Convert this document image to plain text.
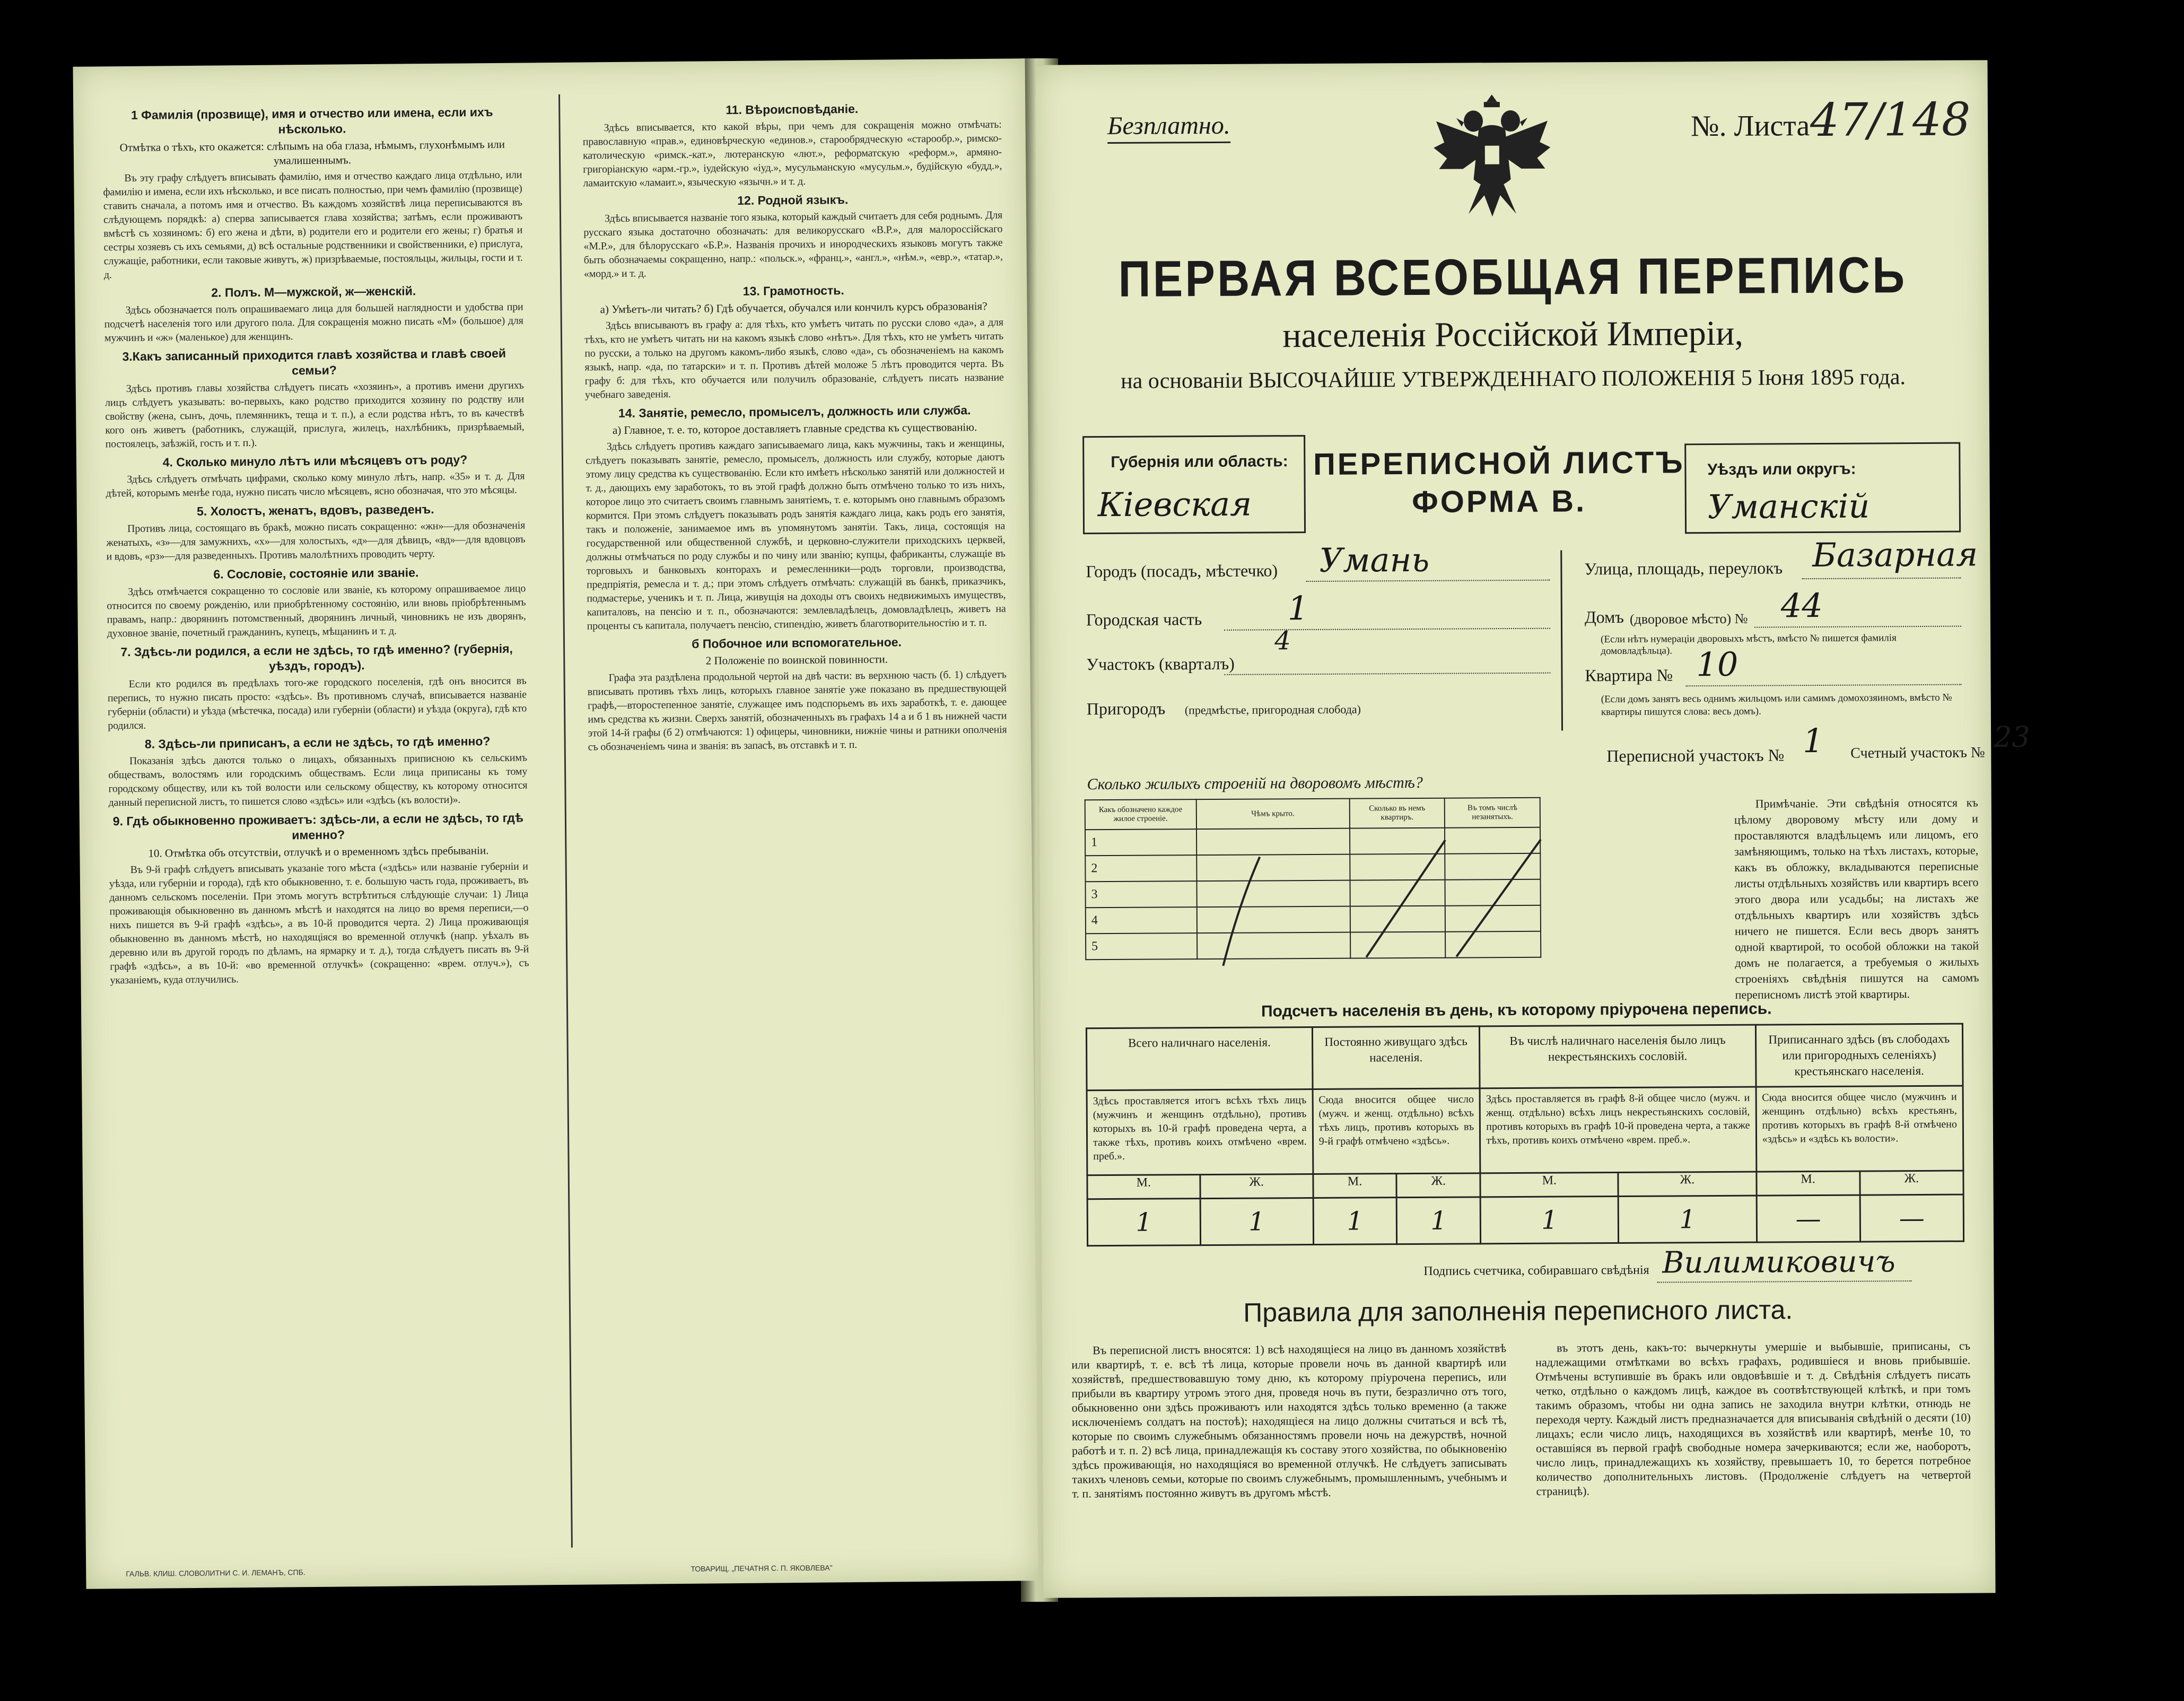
1 Фамилія (прозвище), имя и отчество или имена, если ихъ нѣсколько.
Отмѣтка о тѣхъ, кто окажется: слѣпымъ на оба глаза, нѣмымъ, глухонѣмымъ или умалишеннымъ.
Въ эту графу слѣдуетъ вписывать фамилію, имя и отчество каждаго лица отдѣльно, или фамилію и имена, если ихъ нѣсколько, и все писать полностью, при чемъ фамилію (прозвище) ставить сначала, а потомъ имя и отчество. Въ каждомъ хозяйствѣ лица переписываются въ слѣдующемъ порядкѣ: а) сперва записывается глава хозяйства; затѣмъ, если проживаютъ вмѣстѣ съ хозяиномъ: б) его жена и дѣти, в) родители его и родители его жены; г) братья и сестры хозяевъ съ ихъ семьями, д) всѣ остальные родственники и свойственники, е) прислуга, служащіе, работники, если таковые живутъ, ж) призрѣваемые, постояльцы, жильцы, гости и т. д.
2. Полъ. М—мужской, ж—женскій.
Здѣсь обозначается полъ опрашиваемаго лица для большей наглядности и удобства при подсчетѣ населенія того или другого пола. Для сокращенія можно писать «М» (большое) для мужчинъ и «ж» (маленькое) для женщинъ.
3.Какъ записанный приходится главѣ хозяйства и главѣ своей семьи?
Здѣсь противъ главы хозяйства слѣдуетъ писать «хозяинъ», а противъ имени другихъ лицъ слѣдуетъ указывать: во-первыхъ, како родство приходится хозяину по родству или свойству (жена, сынъ, дочь, племянникъ, теща и т. п.), а если родства нѣтъ, то въ качествѣ кого онъ живетъ (работникъ, служащій, прислуга, жилецъ, нахлѣбникъ, призрѣваемый, постоялецъ, заѣзжій, гость и т. п.).
4. Сколько минуло лѣтъ или мѣсяцевъ отъ роду?
Здѣсь слѣдуетъ отмѣчать цифрами, сколько кому минуло лѣтъ, напр. «35» и т. д. Для дѣтей, которымъ менѣе года, нужно писать число мѣсяцевъ, ясно обозначая, что это мѣсяцы.
5. Холостъ, женатъ, вдовъ, разведенъ.
Противъ лица, состоящаго въ бракѣ, можно писать сокращенно: «жн»—для обозначенія женатыхъ, «з»—для замужнихъ, «х»—для холостыхъ, «д»—для дѣвицъ, «вд»—для вдовцовъ и вдовъ, «рз»—для разведенныхъ. Противъ малолѣтнихъ проводить черту.
6. Сословіе, состояніе или званіе.
Здѣсь отмѣчается сокращенно то сословіе или званіе, къ которому опрашиваемое лицо относится по своему рожденію, или приобрѣтенному состоянію, или вновь пріобрѣтеннымъ правамъ, напр.: дворянинъ потомственный, дворянинъ личный, чиновникъ не изъ дворянъ, духовное званіе, почетный гражданинъ, купецъ, мѣщанинъ и т. д.
7. Здѣсь-ли родился, а если не здѣсь, то гдѣ именно? (губернія, уѣздъ, городъ).
Если кто родился въ предѣлахъ того-же городского поселенія, гдѣ онъ вносится въ перепись, то нужно писать просто: «здѣсь». Въ противномъ случаѣ, вписывается названіе губерніи (области) и уѣзда (мѣстечка, посада) или губерніи (области) и уѣзда (округа), гдѣ кто родился.
8. Здѣсь-ли приписанъ, а если не здѣсь, то гдѣ именно?
Показанія здѣсь даются только о лицахъ, обязанныхъ приписною къ сельскимъ обществамъ, волостямъ или городскимъ обществамъ. Если лица приписаны къ тому городскому обществу, или къ той волости или сельскому обществу, къ которому относится данный переписной листъ, то пишется слово «здѣсь» или «здѣсь (къ волости)».
9. Гдѣ обыкновенно проживаетъ: здѣсь-ли, а если не здѣсь, то гдѣ именно?
10. Отмѣтка объ отсутствіи, отлучкѣ и о временномъ здѣсь пребываніи.
Въ 9-й графѣ слѣдуетъ вписывать указаніе того мѣста («здѣсь» или названіе губерніи и уѣзда, или губерніи и города), гдѣ кто обыкновенно, т. е. большую часть года, проживаетъ, въ данномъ сельскомъ поселеніи. При этомъ могутъ встрѣтиться слѣдующіе случаи: 1) Лица проживающія обыкновенно въ данномъ мѣстѣ и находятся на лицо во время переписи,—о нихъ пишется въ 9-й графѣ «здѣсь», а въ 10-й проводится черта. 2) Лица проживающія обыкновенно въ данномъ мѣстѣ, но находящіяся во временной отлучкѣ (напр. уѣхалъ въ деревню или въ другой городъ по дѣламъ, на ярмарку и т. д.), тогда слѣдуетъ писать въ 9-й графѣ «здѣсь», а въ 10-й: «во временной отлучкѣ» (сокращенно: «врем. отлуч.»), съ указаніемъ, куда отлучились.
11. Вѣроисповѣданіе.
Здѣсь вписывается, кто какой вѣры, при чемъ для сокращенія можно отмѣчать: православную «прав.», единовѣрческую «единов.», старообрядческую «старообр.», римско-католическую «римск.-кат.», лютеранскую «лют.», реформатскую «реформ.», армяно-григоріанскую «арм.-гр.», іудейскую «іуд.», мусульманскую «мусульм.», будійскую «будд.», ламаитскую «ламаит.», языческую «язычн.» и т. д.
12. Родной языкъ.
Здѣсь вписывается названіе того языка, который каждый считаетъ для себя роднымъ. Для русскаго языка достаточно обозначать: для великорусскаго «В.Р.», для малороссійскаго «М.Р.», для бѣлорусскаго «Б.Р.». Названія прочихъ и инородческихъ языковъ могутъ также быть обозначаемы сокращенно, напр.: «польск.», «франц.», «англ.», «нѣм.», «евр.», «татар.», «морд.» и т. д.
13. Грамотность.
а) Умѣетъ-ли читать? б) Гдѣ обучается, обучался или кончилъ курсъ образованія?
Здѣсь вписываютъ въ графу а: для тѣхъ, кто умѣетъ читать по русски слово «да», а для тѣхъ, кто не умѣетъ читать ни на какомъ языкѣ слово «нѣтъ». Для тѣхъ, кто не умѣетъ читать по русски, а только на другомъ какомъ-либо языкѣ, слово «да», съ обозначеніемъ на какомъ языкѣ, напр. «да, по татарски» и т. п. Противъ дѣтей моложе 5 лѣтъ проводится черта. Въ графу б: для тѣхъ, кто обучается или получилъ образованіе, слѣдуетъ писать название учебнаго заведенія.
14. Занятіе, ремесло, промыселъ, должность или служба.
а) Главное, т. е. то, которое доставляетъ главные средства къ существованію.
Здѣсь слѣдуетъ противъ каждаго записываемаго лица, какъ мужчины, такъ и женщины, слѣдуетъ показывать занятіе, ремесло, промыселъ, должность или службу, которые даютъ этому лицу средства къ существованію. Если кто имѣетъ нѣсколько занятій или должностей и т. д., дающихъ ему заработокъ, то въ этой графѣ должно быть отмѣчено только то изъ нихъ, которое лицо это считаетъ своимъ главнымъ занятіемъ, т. е. которымъ оно главнымъ образомъ кормится. При этомъ слѣдуетъ показывать родъ занятія каждаго лица, какъ родъ его занятія, такъ и положеніе, занимаемое имъ въ упомянутомъ занятіи. Такъ, лица, состоящія на государственной или общественной службѣ, и церковно-служители приходскихъ церквей, должны отмѣчаться по роду службы и по чину или званію; купцы, фабриканты, служащіе въ торговыхъ и банковыхъ конторахъ и ремесленники—родъ торговли, производства, предпріятія, ремесла и т. д.; при этомъ слѣдуетъ отмѣчать: служащій въ банкѣ, приказчикъ, подмастерье, ученикъ и т. п. Лица, живущія на доходы отъ своихъ недвижимыхъ имуществъ, капиталовъ, на пенсію и т. п., обозначаются: землевладѣлецъ, домовладѣлецъ, живетъ на проценты съ капитала, получаетъ пенсію, стипендію, живетъ благотворительностію и т. п.
б Побочное или вспомогательное.
2 Положеніе по воинской повинности.
Графа эта раздѣлена продольной чертой на двѣ части: въ верхнюю часть (б. 1) слѣдуетъ вписывать противъ тѣхъ лицъ, которыхъ главное занятіе уже показано въ предшествующей графѣ,—второстепенное занятіе, служащее имъ подспорьемъ въ ихъ заработкѣ, т. е. дающее имъ средства къ жизни. Сверхъ занятій, обозначенныхъ въ графахъ 14 а и б 1 въ нижней части этой 14-й графы (б 2) отмѣчаются: 1) офицеры, чиновники, нижніе чины и ратники ополченія съ обозначеніемъ чина и званія: въ запасѣ, въ отставкѣ и т. п.
ГАЛЬВ. КЛИШ. СЛОВОЛИТНИ С. И. ЛЕМАНЪ, СПБ.	ТОВАРИЩ. „ПЕЧАТНЯ С. П. ЯКОВЛЕВА"
Безплатно.	№. Листа 47/148
ПЕРВАЯ ВСЕОБЩАЯ ПЕРЕПИСЬ
населенія Россійской Имперіи,
на основаніи ВЫСОЧАЙШЕ УТВЕРЖДЕННАГО ПОЛОЖЕНІЯ 5 Іюня 1895 года.
Губернія или область:
Кіевская
ПЕРЕПИСНОЙ ЛИСТЪ
ФОРМА В.
Уѣздъ или округъ:
Уманскій
Городъ (посадъ, мѣстечко) Умань
Городская часть	1
Участокъ (кварталъ)
4
Пригородъ (предмѣстье, пригородная слобода)
Улица, площадь, переулокъ Базарная
Домъ (дворовое мѣсто) № 44
(Если нѣтъ нумераціи дворовыхъ мѣстъ, вмѣсто № пишется фамилія домовладѣльца).
Квартира № 10
(Если домъ занятъ весь однимъ жильцомъ или самимъ домохозяиномъ, вмѣсто № квартиры пишутся слова: весь домъ).
Переписной участокъ № 1 Счетный участокъ № 23
Сколько жилыхъ строеній на дворовомъ мѣстѣ?
Какъ обозначено каждое жилое строеніе.	Чѣмъ крыто.	Сколько въ немъ квартиръ.	Въ томъ числѣ незанятыхъ.
1			
2			
3			
4			
5			
Примѣчаніе. Эти свѣдѣнія относятся къ цѣлому дворовому мѣсту или дому и проставляются владѣльцемъ или лицомъ, его замѣняющимъ, только на тѣхъ листахъ, которые, какъ въ обложку, вкладываются переписные листы отдѣльныхъ хозяйствъ или квартиръ всего этого двора или усадьбы; на листахъ же отдѣльныхъ квартиръ или хозяйствъ здѣсь ничего не пишется. Если весь дворъ занятъ одной квартирой, то особой обложки на такой домъ не полагается, а требуемыя о жилыхъ строеніяхъ свѣдѣнія пишутся на самомъ переписномъ листѣ этой квартиры.
Подсчетъ населенія въ день, къ которому пріурочена перепись.
Всего наличнаго населенія.		Постоянно живущаго здѣсь населенія.		Въ числѣ наличнаго населенія было лицъ некрестьянскихъ сословій.		Приписаннаго здѣсь (въ слободахъ или пригородныхъ селеніяхъ) крестьянскаго населенія.	
Здѣсь проставляется итогъ всѣхъ тѣхъ лицъ (мужчинъ и женщинъ отдѣльно), противъ которыхъ въ 10-й графѣ проведена черта, а также тѣхъ, противъ коихъ отмѣчено «врем. преб.».		Сюда вносится общее число (мужч. и женщ. отдѣльно) всѣхъ тѣхъ лицъ, противъ которыхъ въ 9-й графѣ отмѣчено «здѣсь».		Здѣсь проставляется въ графѣ 8-й общее число (мужч. и женщ. отдѣльно) всѣхъ лицъ некрестьянскихъ сословій, противъ которыхъ въ графѣ 10-й проведена черта, а также тѣхъ, противъ коихъ отмѣчено «врем. преб.».		Сюда вносится общее число (мужчинъ и женщинъ отдѣльно) всѣхъ крестьянъ, противъ которыхъ въ графѣ 8-й отмѣчено «здѣсь» и «здѣсь къ волости».	
М.	Ж.	М.	Ж.	М.	Ж.	М.	Ж.
1	1	1	1	1	1	—	—
Подпись счетчика, собиравшаго свѣдѣнія Вилимиковичъ
Правила для заполненія переписного листа.
Въ переписной листъ вносятся: 1) всѣ находящіеся на лицо въ данномъ хозяйствѣ или квартирѣ, т. е. всѣ тѣ лица, которые провели ночь въ данной квартирѣ или хозяйствѣ, предшествовавшую тому дню, къ которому пріурочена перепись, или прибыли въ квартиру утромъ этого дня, проведя ночь въ пути, безразлично отъ того, обыкновенно они здѣсь проживаютъ или находятся здѣсь только временно (а также исключеніемъ солдатъ на постоѣ); находящіеся на лицо должны считаться и всѣ тѣ, которые по своимъ служебнымъ обязанностямъ провели ночь на дежурствѣ, ночной работѣ и т. п. 2) всѣ лица, принадлежащія къ составу этого хозяйства, по обыкновенію здѣсь проживающія, но находящіяся во временной отлучкѣ. Не слѣдуетъ записывать такихъ членовъ семьи, которые по своимъ служебнымъ, промышленнымъ, учебнымъ и т. п. занятіямъ постоянно живутъ въ другомъ мѣстѣ.
въ этотъ день, какъ-то: вычеркнуты умершіе и выбывшіе, приписаны, съ надлежащими отмѣтками во всѣхъ графахъ, родившіеся и вновь прибывшіе. Отмѣчены вступившіе въ бракъ или овдовѣвшіе и т. д. Свѣдѣнія слѣдуетъ писать четко, отдѣльно о каждомъ лицѣ, каждое въ соотвѣтствующей клѣткѣ, и при томъ такимъ образомъ, чтобы ни одна запись не заходила внутри клѣтки, отнюдь не переходя черту. Каждый листъ предназначается для вписыванія свѣдѣній о десяти (10) лицахъ; если число лицъ, находящихся въ хозяйствѣ или квартирѣ, менѣе 10, то оставшіяся въ первой графѣ свободные номера зачеркиваются; если же, наоборотъ, число лицъ, принадлежащихъ къ хозяйству, превышаетъ 10, то берется потребное количество дополнительныхъ листовъ. (Продолженіе слѣдуетъ на четвертой страницѣ).
